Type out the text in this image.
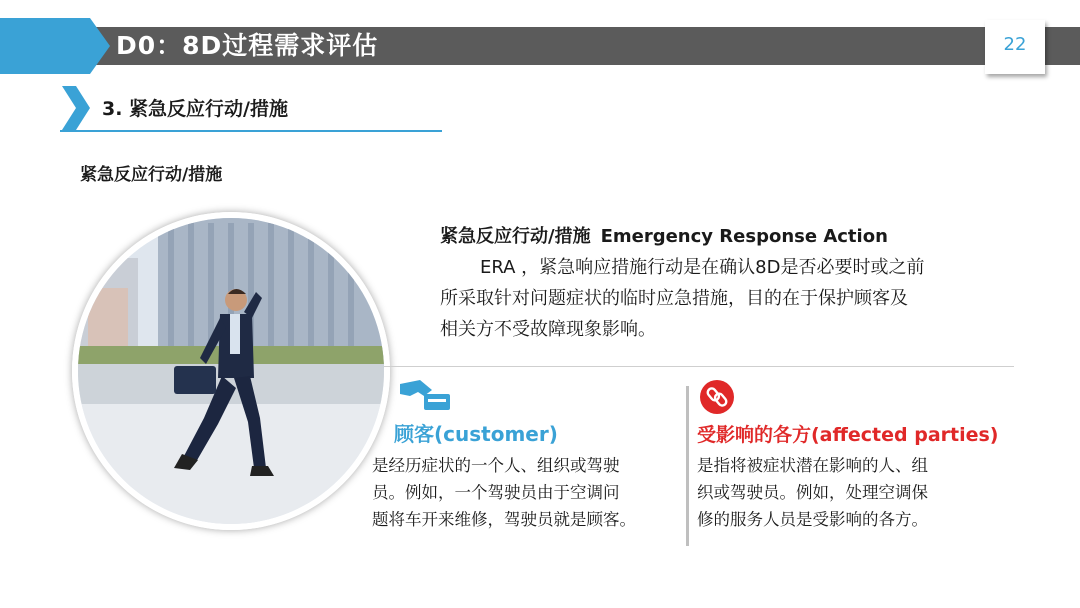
D0：8D过程需求评估	22
3. 紧急反应行动/措施
紧急反应行动/措施
紧急反应行动/措施 Emergency Response Action
ERA ，紧急响应措施行动是在确认8D是否必要时或之前
所采取针对问题症状的临时应急措施，目的在于保护顾客及
相关方不受故障现象影响。
顾客(customer)
是经历症状的一个人、组织或驾驶
员。例如，一个驾驶员由于空调问
题将车开来维修，驾驶员就是顾客。
受影响的各方(affected parties)
是指将被症状潜在影响的人、组
织或驾驶员。例如，处理空调保
修的服务人员是受影响的各方。
